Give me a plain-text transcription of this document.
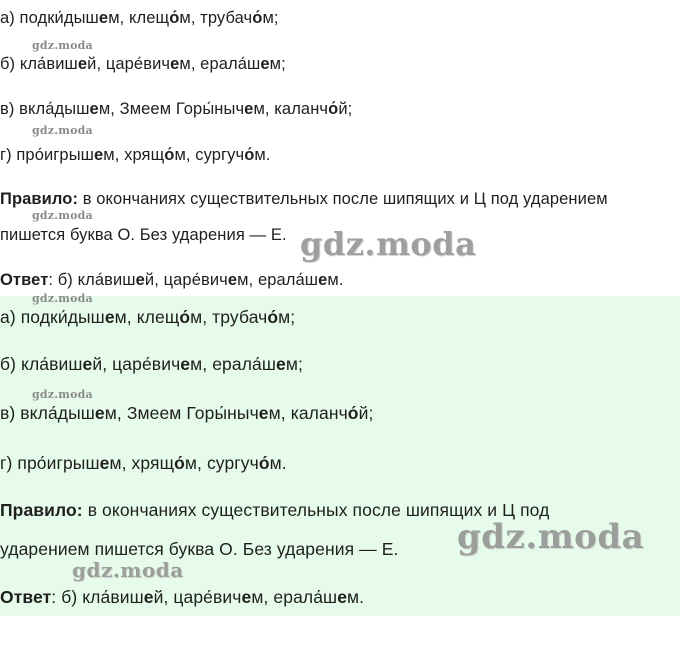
а) подки́дышем, клещо́м, трубачо́м;
б) кла́вишей, царе́вичем, ерала́шем;
в) вкла́дышем, Змеем Горы́нычем, каланчо́й;
г) про́игрышем, хрящо́м, сургучо́м.
Правило: в окончаниях существительных после шипящих и Ц под ударением
пишется буква О. Без ударения — Е.
Ответ: б) кла́вишей, царе́вичем, ерала́шем.
а) подки́дышем, клещо́м, трубачо́м;
б) кла́вишей, царе́вичем, ерала́шем;
в) вкла́дышем, Змеем Горы́нычем, каланчо́й;
г) про́игрышем, хрящо́м, сургучо́м.
Правило: в окончаниях существительных после шипящих и Ц под
ударением пишется буква О. Без ударения — Е.
Ответ: б) кла́вишей, царе́вичем, ерала́шем.
gdz.moda
gdz.moda
gdz.moda
gdz.moda
gdz.moda
gdz.moda
gdz.moda
gdz.moda
